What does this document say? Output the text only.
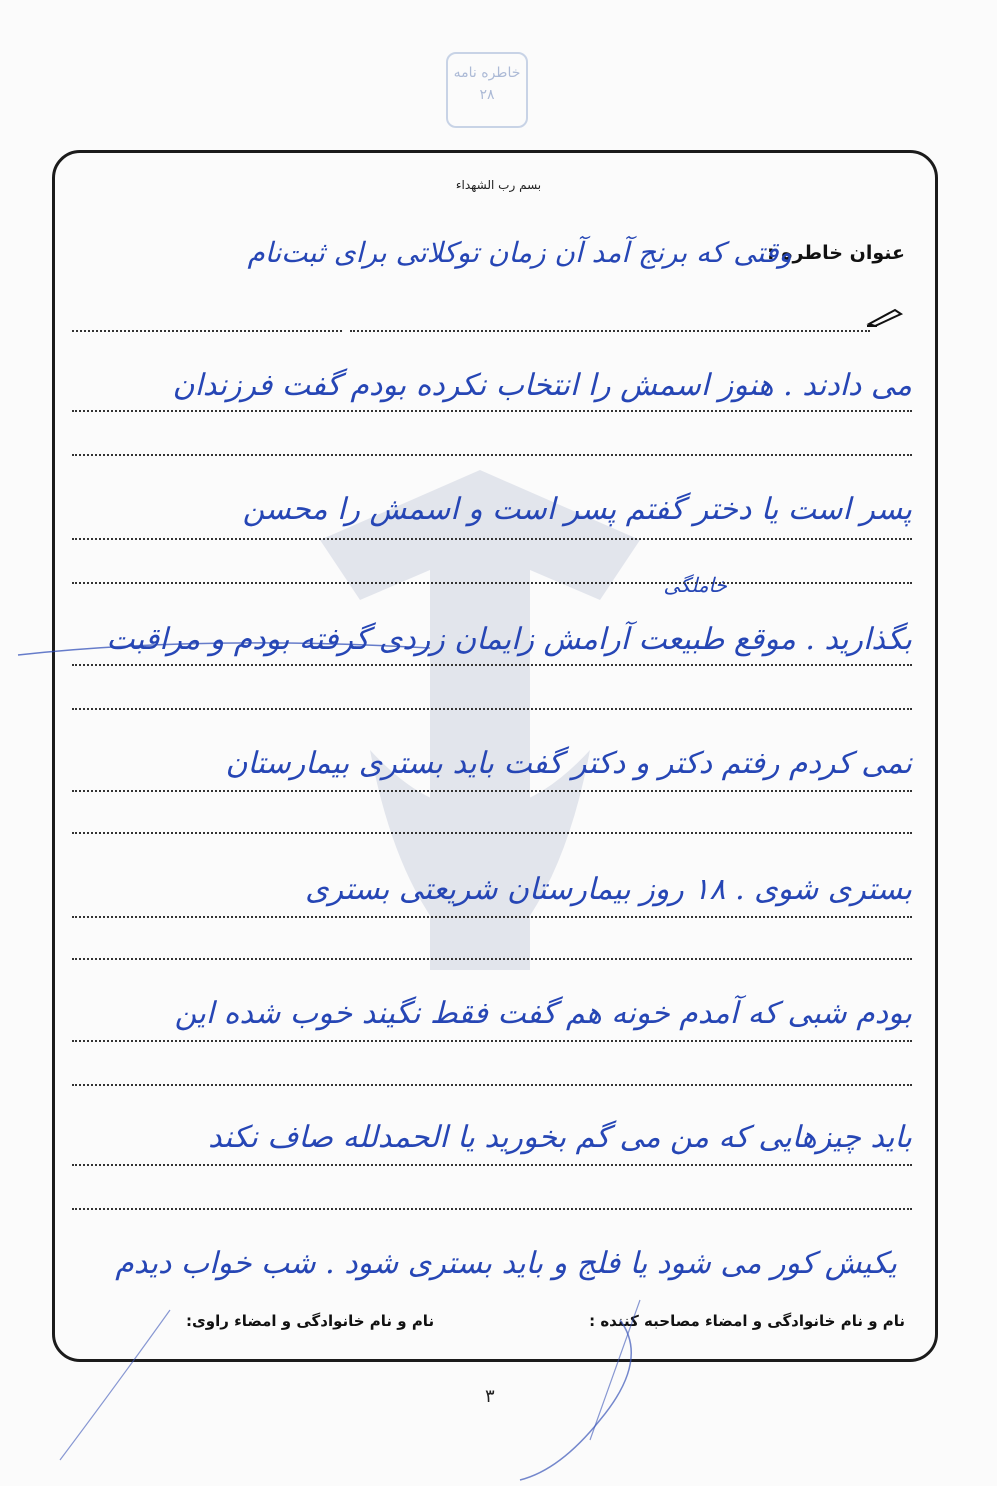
خاطره نامه
۲۸
بسم رب الشهداء
عنوان خاطره :
وقتی که برنج آمد آن زمان توکلاتی برای ثبت‌نام
می دادند . هنوز اسمش را انتخاب نکرده بودم گفت فرزندان
پسر است یا دختر گفتم پسر است و اسمش را محسن
خاملگی
بگذارید . موقع طبیعت آرامش زایمان زردی گرفته بودم و مراقبت
نمی کردم رفتم دکتر و دکتر گفت باید بستری بیمارستان
بستری شوی . ۱۸ روز بیمارستان شریعتی بستری
بودم شبی که آمدم خونه هم گفت فقط نگیند خوب شده این
باید چیزهایی که من می گم بخورید یا الحمدلله صاف نکند
یکیش کور می شود یا فلج و باید بستری شود . شب خواب دیدم
نام و نام خانوادگی و امضاء مصاحبه کننده :
نام و نام خانوادگی و امضاء راوی:
۳
